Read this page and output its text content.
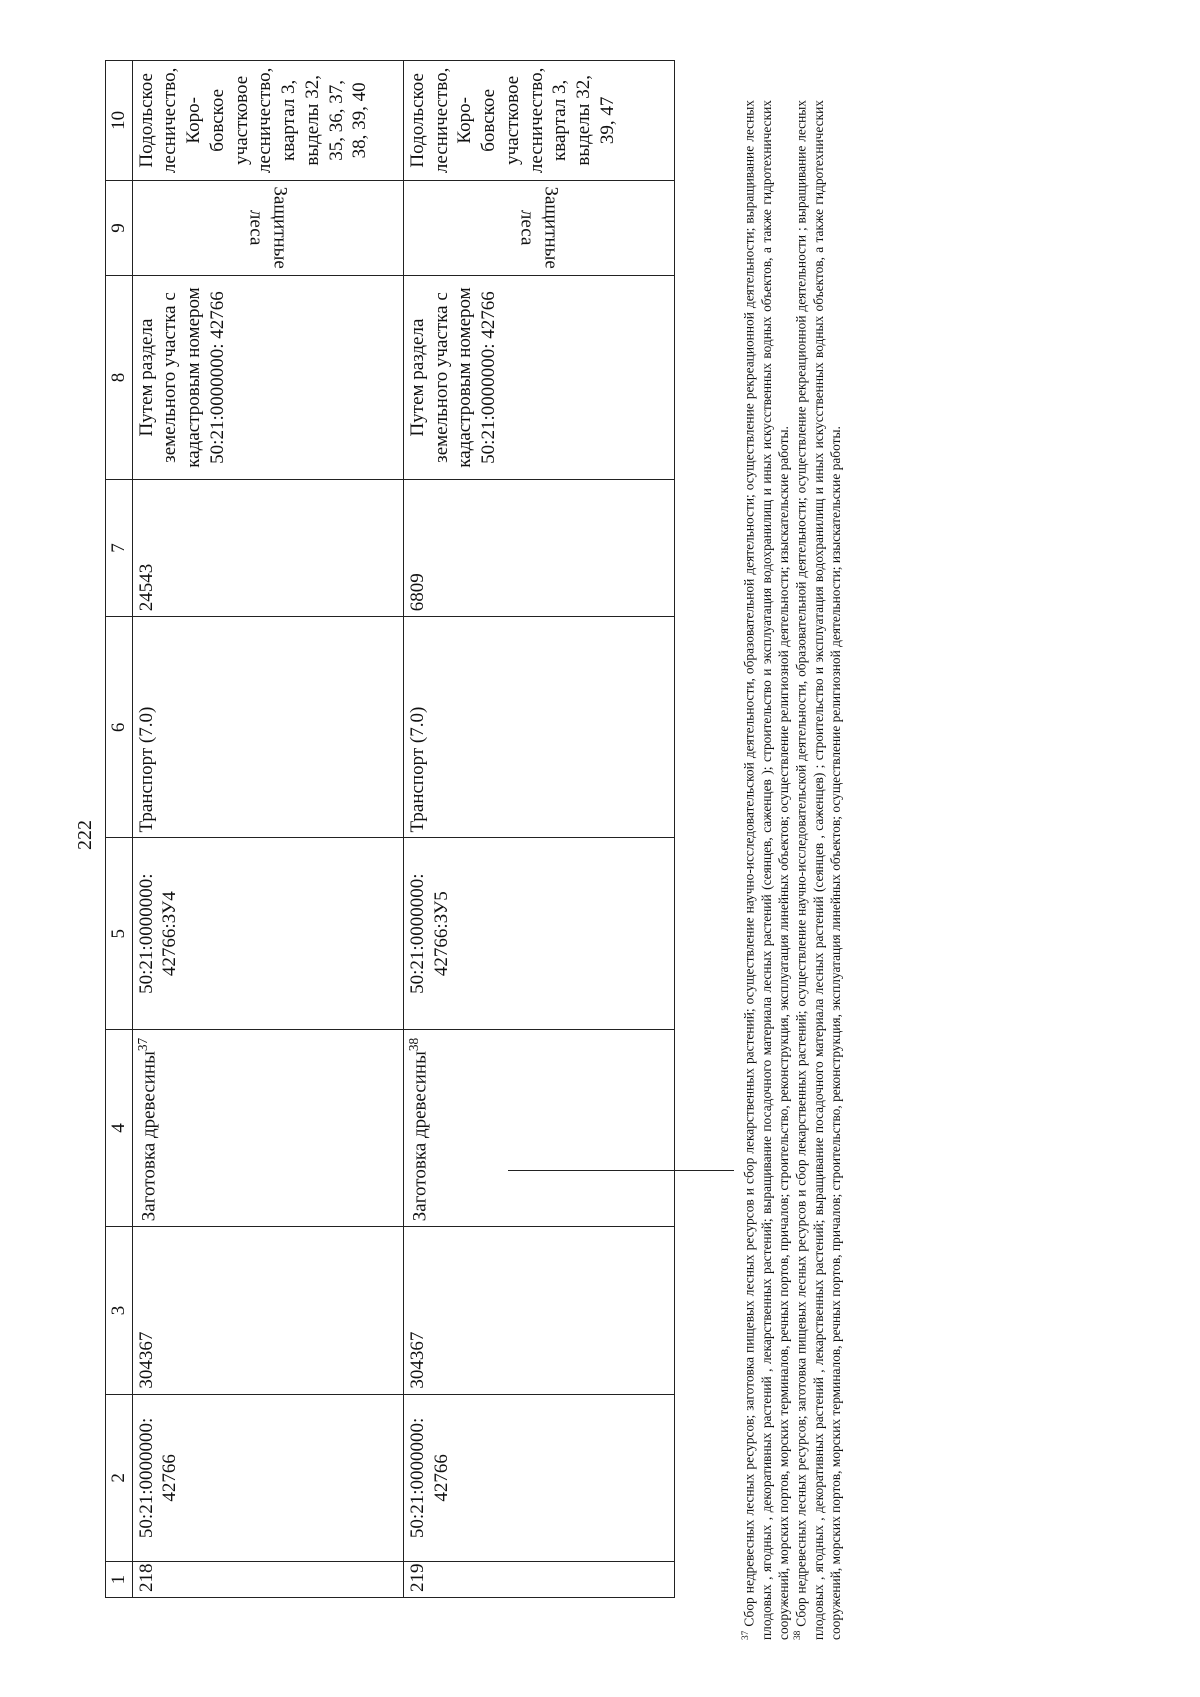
222
1	2	3	4	5	6	7	8	9	10
218	50:21:0000000: 42766	304367	Заготовка древесины$^{37}$	50:21:0000000: 42766:ЗУ4	Транспорт (7.0)	24543	Путем раздела земельного участка с кадастровым номером 50:21:0000000: 42766	Защитные леса	Подольское лесничество, Коро- бовское участковое лесничество, квартал 3, выделы 32, 35, 36, 37, 38, 39, 40
219	50:21:0000000: 42766	304367	Заготовка древесины$^{38}$	50:21:0000000: 42766:ЗУ5	Транспорт (7.0)	6809	Путем раздела земельного участка с кадастровым номером 50:21:0000000: 42766	Защитные леса	Подольское лесничество, Коро- бовское участковое лесничество, квартал 3, выделы 32, 39, 47

$^{37}$ Сбор недревесных лесных ресурсов; заготовка пищевых лесных ресурсов и сбор лекарственных растений; осуществление научно-исследовательской деятельности, образовательной деятельности; осуществление рекреационной деятельности; выращивание лесных плодовых , ягодных , декоративных растений , лекарственных растений; выращивание посадочного материала лесных растений (сеянцев, саженцев ); строительство и эксплуатация водохранилищ и иных искусственных водных объектов, а также гидротехнических сооружений, морских портов, морских терминалов, речных портов, причалов; строительство, реконструкция, эксплуатация линейных объектов; осуществление религиозной деятельности; изыскательские работы. $^{38}$ Сбор недревесных лесных ресурсов; заготовка пищевых лесных ресурсов и сбор лекарственных растений; осуществление научно-исследовательской деятельности, образовательной деятельности; осуществление рекреационной деятельности ; выращивание лесных плодовых , ягодных , декоративных растений , лекарственных растений; выращивание посадочного материала лесных растений (сеянцев , саженцев) ; строительство и эксплуатация водохранилищ и иных искусственных водных объектов, а также гидротехнических сооружений, морских портов, морских терминалов, речных портов, причалов; строительство, реконструкция, эксплуатация линейных объектов; осуществление религиозной деятельности; изыскательские работы.
